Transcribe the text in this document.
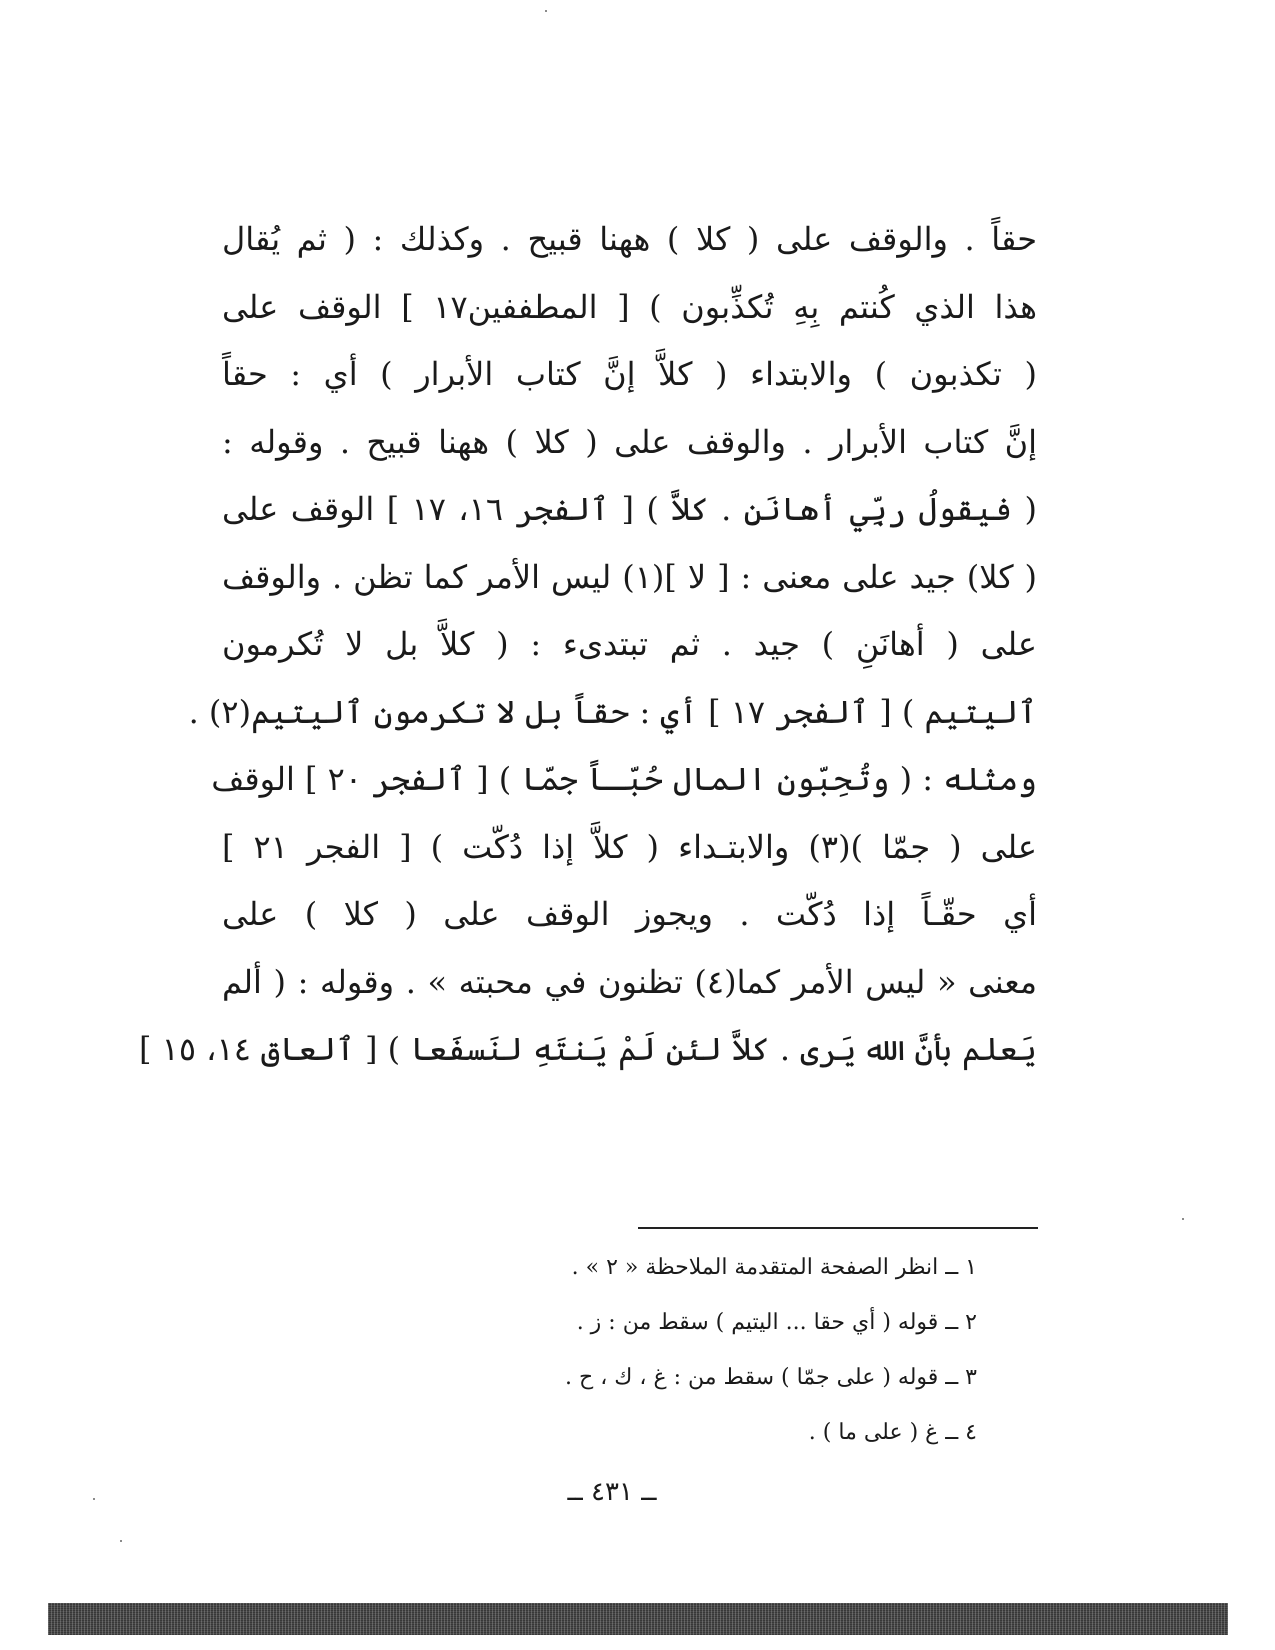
حقاً . والوقف على ( كلا ) ههنا قبيح . وكذلك : ( ثم يُقال
هذا الذي كُنتم بِهِ تُكذِّبون ) [ المطففين١٧ ] الوقف على
( تكذبون ) والابتداء ( كلاَّ إنَّ كتاب الأبرار ) أي : حقاً
إنَّ كتاب الأبرار . والوقف على ( كلا ) ههنا قبيح . وقوله :
( فيقولُ ربِّي أهانَنِ . كلاَّ ) [ ٱلفجر ١٦، ١٧ ] الوقف على
( كلا) جيد على معنى : [ لا ](١) ليس الأمر كما تظن . والوقف
على ( أهانَنِ ) جيد . ثم تبتدىء : ( كلاَّ بل لا تُكرمون
ٱليتيم ) [ ٱلفجر ١٧ ] أي : حقاً بل لا تكرمون ٱليتيم(٢) .
ومثله : ( وتُحِبّون المال حُبّـاً جمّا ) [ ٱلفجر ٢٠ ] الوقف
على ( جمّا )(٣) والابتـداء ( كلاَّ إذا دُكّت ) [ الفجر ٢١ ]
أي حقّـاً إذا دُكّت . ويجوز الوقف على ( كلا ) على
معنى « ليس الأمر كما(٤) تظنون في محبته » . وقوله : ( ألم
يَعلم بأنَّ الله يَرى . كلاَّ لئن لَمْ يَنتَهِ لنَسفَعا ) [ ٱلعاق ١٤، ١٥ ]
١ ــ انظر الصفحة المتقدمة الملاحظة « ٢ » .
٢ ــ قوله ( أي حقا ... اليتيم ) سقط من : ز .
٣ ــ قوله ( على جمّا ) سقط من : غ ، ك ، ح .
٤ ــ غ ( على ما ) .
ــ ٤٣١ ــ
